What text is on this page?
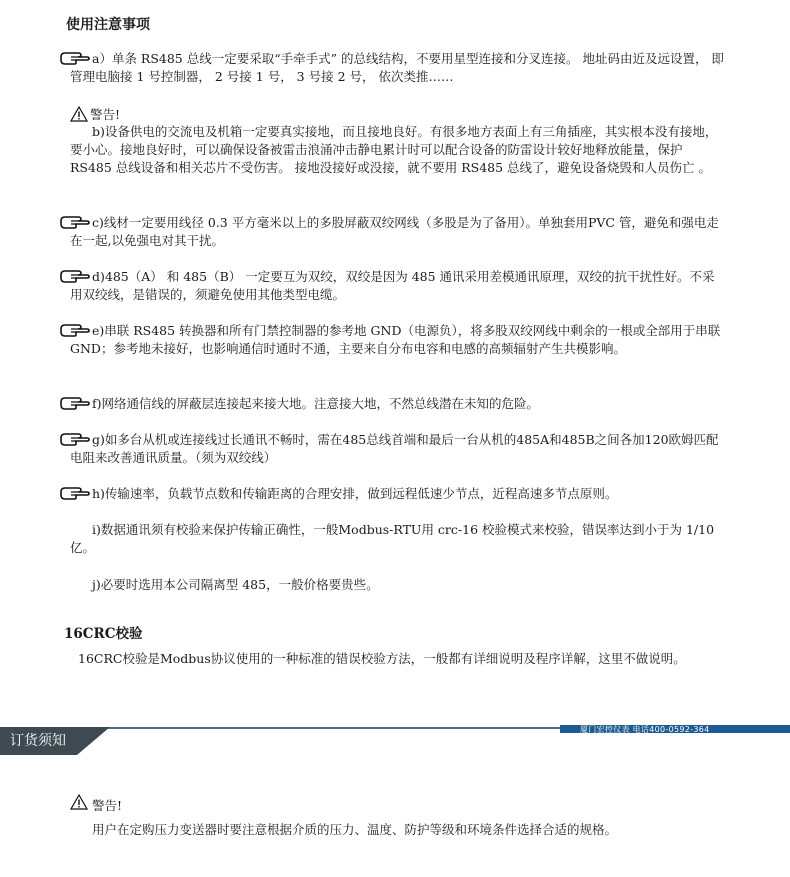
使用注意事项
a）单条 RS485 总线一定要采取“手牵手式” 的总线结构，不要用星型连接和分叉连接。 地址码由近及远设置， 即管理电脑接 1 号控制器， 2 号接 1 号， 3 号接 2 号， 依次类推……
警告!
b)设备供电的交流电及机箱一定要真实接地，而且接地良好。有很多地方表面上有三角插座，其实根本没有接地，要小心。接地良好时，可以确保设备被雷击浪涌冲击静电累计时可以配合设备的防雷设计较好地释放能量，保护RS485 总线设备和相关芯片不受伤害。 接地没接好或没接，就不要用 RS485 总线了，避免设备烧毁和人员伤亡 。
c)线材一定要用线径 0.3 平方毫米以上的多股屏蔽双绞网线（多股是为了备用）。单独套用PVC 管，避免和强电走在一起,以免强电对其干扰。
d)485（A） 和 485（B） 一定要互为双绞，双绞是因为 485 通讯采用差模通讯原理，双绞的抗干扰性好。不采用双绞线，是错误的，须避免使用其他类型电缆。
e)串联 RS485 转换器和所有门禁控制器的参考地 GND（电源负），将多股双绞网线中剩余的一根或全部用于串联 GND；参考地未接好，也影响通信时通时不通，主要来自分布电容和电感的高频辐射产生共模影响。
f)网络通信线的屏蔽层连接起来接大地。注意接大地，不然总线潜在未知的危险。
g)如多台从机或连接线过长通讯不畅时，需在485总线首端和最后一台从机的485A和485B之间各加120欧姆匹配电阻来改善通讯质量。（须为双绞线）
h)传输速率，负载节点数和传输距离的合理安排，做到远程低速少节点，近程高速多节点原则。
i)数据通讯须有校验来保护传输正确性，一般Modbus-RTU用 crc-16 校验模式来校验，错误率达到小于为 1/10 亿。
j)必要时选用本公司隔离型 485，一般价格要贵些。
16CRC校验
16CRC校验是Modbus协议使用的一种标准的错误校验方法，一般都有详细说明及程序详解，这里不做说明。
厦门宏控仪表 电话400-0592-364
订货须知
警告!
用户在定购压力变送器时要注意根据介质的压力、温度、防护等级和环境条件选择合适的规格。
